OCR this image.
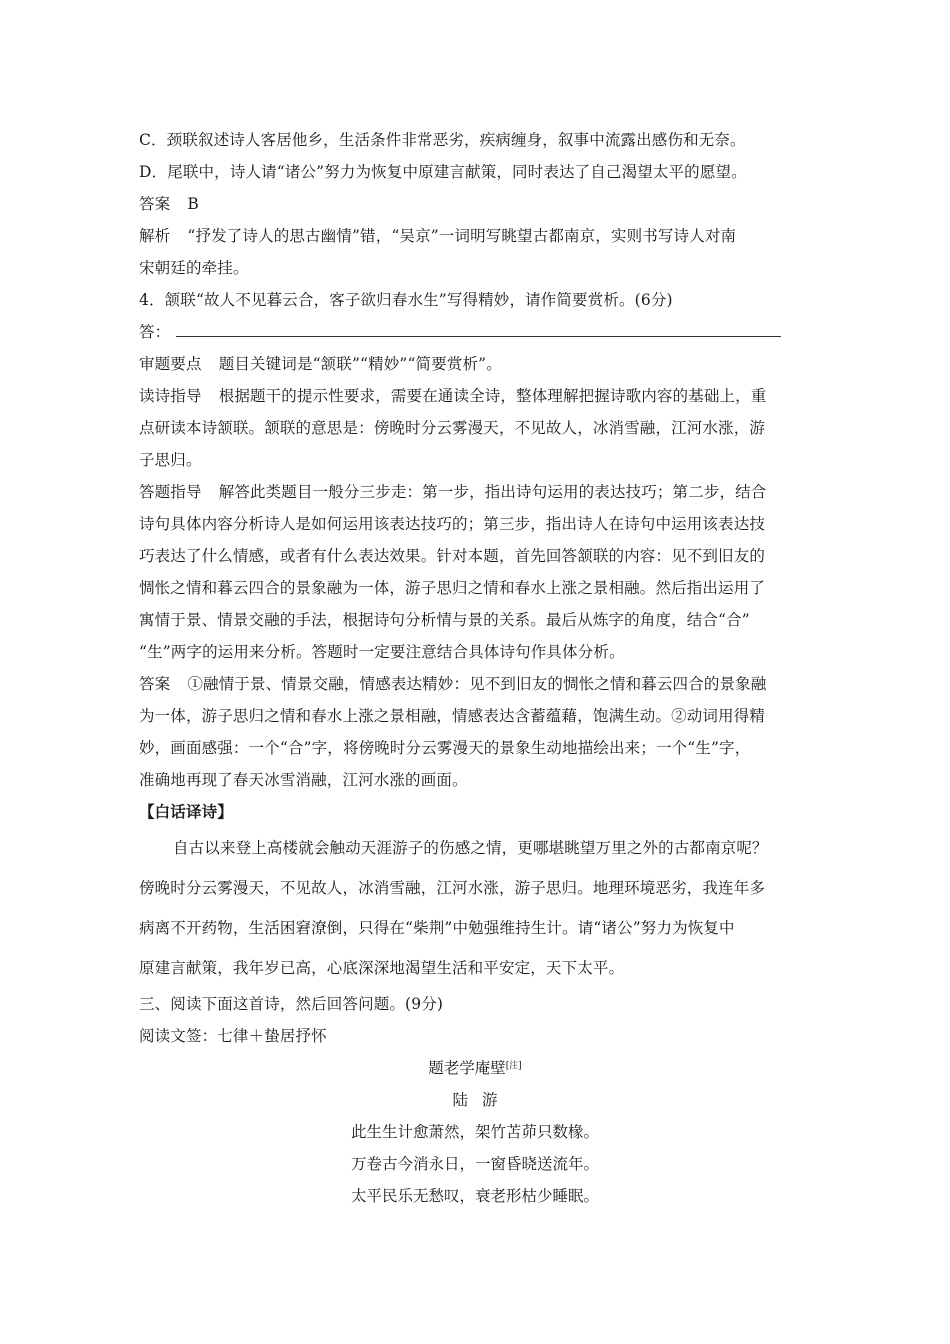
C．颈联叙述诗人客居他乡，生活条件非常恶劣，疾病缠身，叙事中流露出感伤和无奈。
D．尾联中，诗人请“诸公”努力为恢复中原建言献策，同时表达了自己渴望太平的愿望。
答案 B
解析 “抒发了诗人的思古幽情”错，“吴京”一词明写眺望古都南京，实则书写诗人对南
宋朝廷的牵挂。
4．颔联“故人不见暮云合，客子欲归春水生”写得精妙，请作简要赏析。(6分)
答：
审题要点 题目关键词是“颔联”“精妙”“简要赏析”。
读诗指导 根据题干的提示性要求，需要在通读全诗，整体理解把握诗歌内容的基础上，重
点研读本诗颔联。颔联的意思是：傍晚时分云雾漫天，不见故人，冰消雪融，江河水涨，游
子思归。
答题指导 解答此类题目一般分三步走：第一步，指出诗句运用的表达技巧；第二步，结合
诗句具体内容分析诗人是如何运用该表达技巧的；第三步，指出诗人在诗句中运用该表达技
巧表达了什么情感，或者有什么表达效果。针对本题，首先回答颔联的内容：见不到旧友的
惆怅之情和暮云四合的景象融为一体，游子思归之情和春水上涨之景相融。然后指出运用了
寓情于景、情景交融的手法，根据诗句分析情与景的关系。最后从炼字的角度，结合“合”
“生”两字的运用来分析。答题时一定要注意结合具体诗句作具体分析。
答案 ①融情于景、情景交融，情感表达精妙：见不到旧友的惆怅之情和暮云四合的景象融
为一体，游子思归之情和春水上涨之景相融，情感表达含蓄蕴藉，饱满生动。②动词用得精
妙，画面感强：一个“合”字，将傍晚时分云雾漫天的景象生动地描绘出来；一个“生”字，
准确地再现了春天冰雪消融，江河水涨的画面。
【白话译诗】
自古以来登上高楼就会触动天涯游子的伤感之情，更哪堪眺望万里之外的古都南京呢？
傍晚时分云雾漫天，不见故人，冰消雪融，江河水涨，游子思归。地理环境恶劣，我连年多
病离不开药物，生活困窘潦倒，只得在“柴荆”中勉强维持生计。请“诸公”努力为恢复中
原建言献策，我年岁已高，心底深深地渴望生活和平安定，天下太平。
三、阅读下面这首诗，然后回答问题。(9分)
阅读文签：七律＋蛰居抒怀
题老学庵壁[注]
陆游
此生生计愈萧然，架竹苫茆只数椽。
万卷古今消永日，一窗昏晓送流年。
太平民乐无愁叹，衰老形枯少睡眠。
